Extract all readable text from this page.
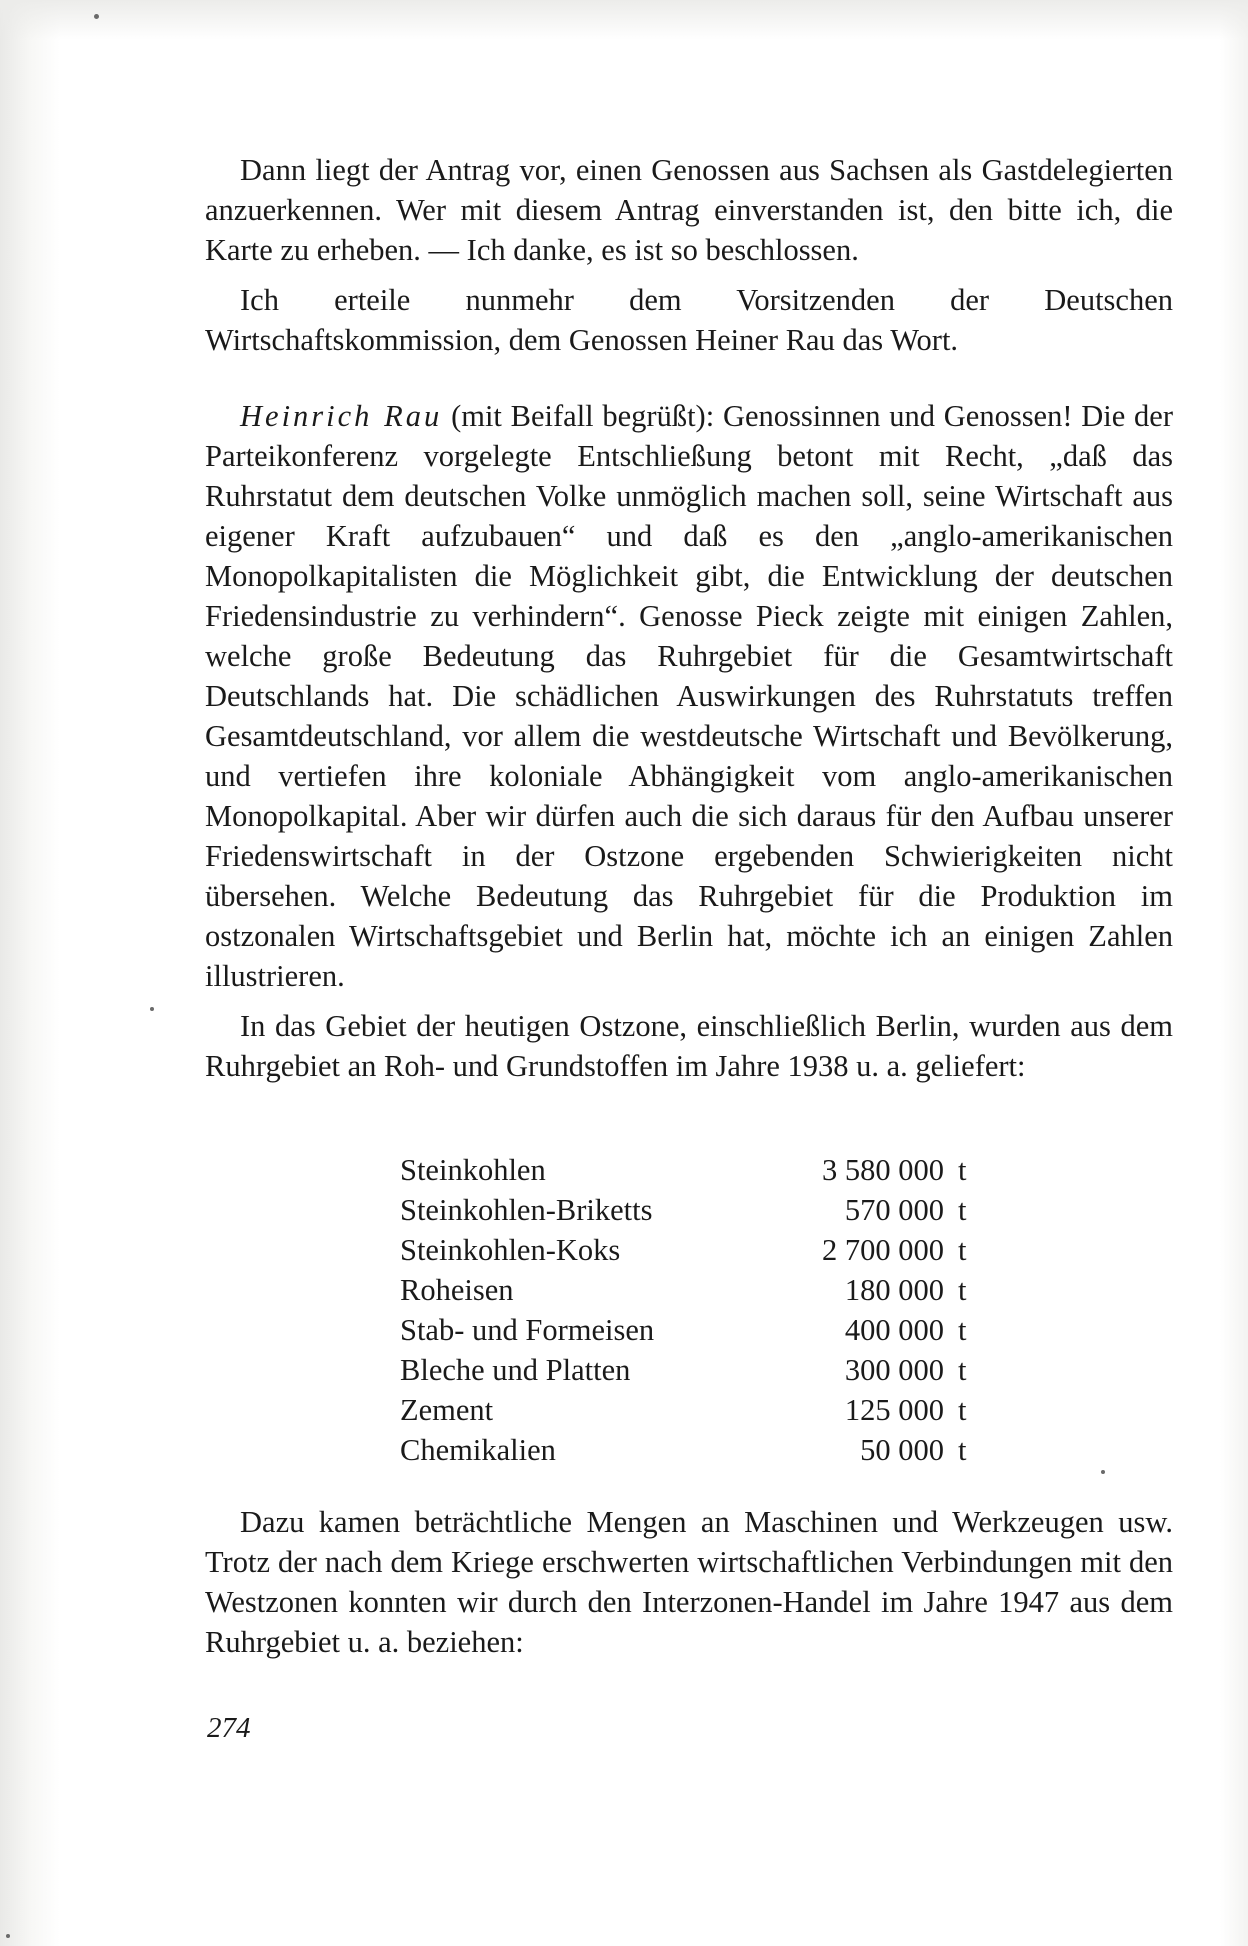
Dann liegt der Antrag vor, einen Genossen aus Sachsen als Gastdelegierten anzuerkennen. Wer mit diesem Antrag einverstanden ist, den bitte ich, die Karte zu erheben. — Ich danke, es ist so beschlossen.

Ich erteile nunmehr dem Vorsitzenden der Deutschen Wirtschaftskommission, dem Genossen Heiner Rau das Wort.

Heinrich Rau (mit Beifall begrüßt): Genossinnen und Genossen! Die der Parteikonferenz vorgelegte Entschließung betont mit Recht, „daß das Ruhrstatut dem deutschen Volke unmöglich machen soll, seine Wirtschaft aus eigener Kraft aufzubauen“ und daß es den „anglo-amerikanischen Monopolkapitalisten die Möglichkeit gibt, die Entwicklung der deutschen Friedensindustrie zu verhindern“. Genosse Pieck zeigte mit einigen Zahlen, welche große Bedeutung das Ruhrgebiet für die Gesamtwirtschaft Deutschlands hat. Die schädlichen Auswirkungen des Ruhrstatuts treffen Gesamtdeutschland, vor allem die westdeutsche Wirtschaft und Bevölkerung, und vertiefen ihre koloniale Abhängigkeit vom anglo-amerikanischen Monopolkapital. Aber wir dürfen auch die sich daraus für den Aufbau unserer Friedenswirtschaft in der Ostzone ergebenden Schwierigkeiten nicht übersehen. Welche Bedeutung das Ruhrgebiet für die Produktion im ostzonalen Wirtschaftsgebiet und Berlin hat, möchte ich an einigen Zahlen illustrieren.

In das Gebiet der heutigen Ostzone, einschließlich Berlin, wurden aus dem Ruhrgebiet an Roh- und Grundstoffen im Jahre 1938 u. a. geliefert:

Steinkohlen	3 580 000	t
Steinkohlen-Briketts	570 000	t
Steinkohlen-Koks	2 700 000	t
Roheisen	180 000	t
Stab- und Formeisen	400 000	t
Bleche und Platten	300 000	t
Zement	125 000	t
Chemikalien	50 000	t

Dazu kamen beträchtliche Mengen an Maschinen und Werkzeugen usw. Trotz der nach dem Kriege erschwerten wirtschaftlichen Verbindungen mit den Westzonen konnten wir durch den Interzonen-Handel im Jahre 1947 aus dem Ruhrgebiet u. a. beziehen:

274
